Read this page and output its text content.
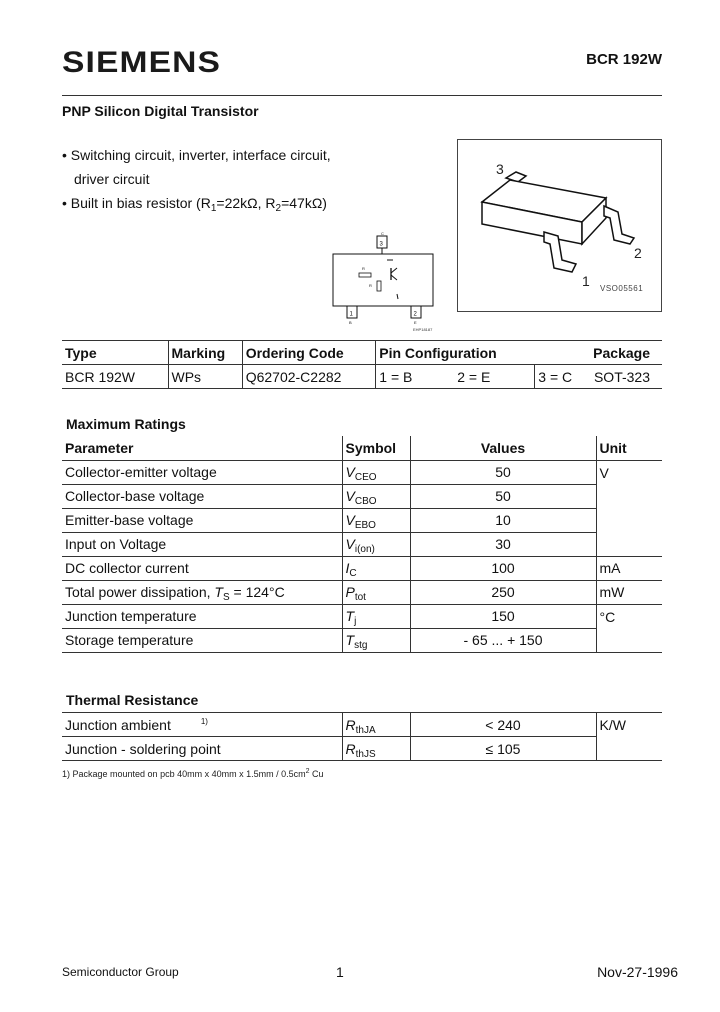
SIEMENS	BCR 192W
PNP Silicon Digital Transistor
• Switching circuit, inverter, interface circuit,
driver circuit
• Built in bias resistor ($R_1=22k\Omega$, $R_2=47k\Omega$)
3
2
1 VSO05561
3
R
R
1	2
B
C
E
EHP18187
Type	Marking	Ordering Code	Pin Configuration			Package
BCR 192W	WPs	Q62702-C2282	1 = B	2 = E	3 = C	SOT-323
Maximum Ratings
Parameter	Symbol	Values	Unit
Collector-emitter voltage	$V_{CEO}$	50	V
Collector-base voltage	$V_{CBO}$	50	
Emitter-base voltage	$V_{EBO}$	10	
Input on Voltage	$V_{i(on)}$	30	
DC collector current	$I_C$	100	mA
Total power dissipation, $T_S = 124^\circ C$	$P_{tot}$	250	mW
Junction temperature	$T_j$	150	°C
Storage temperature	$T_{stg}$	- 65 ... + 150	
Thermal Resistance
Junction ambient $^{1)}$	$R_{thJA}$	< 240	K/W
Junction - soldering point	$R_{thJS}$	≤ 105	
1) Package mounted on pcb 40mm x 40mm x $1.5mm / 0.5cm^2$ Cu
Semiconductor Group	1	Nov-27-1996
